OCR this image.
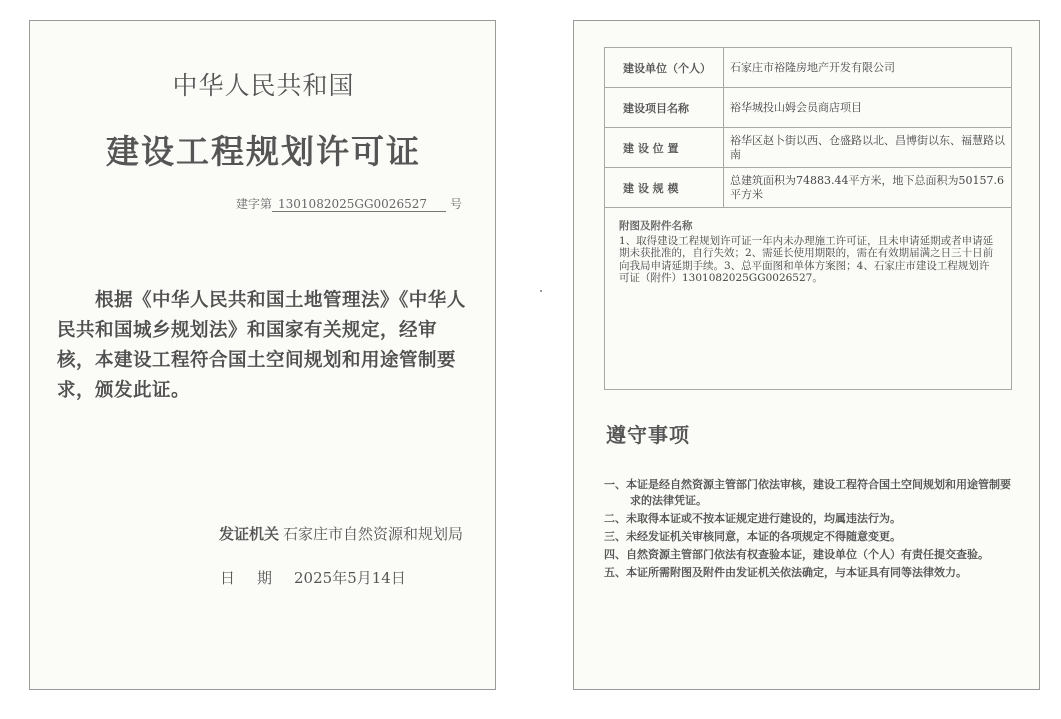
中华人民共和国
建设工程规划许可证
建字第 1301082025GG0026527 号
根据《中华人民共和国土地管理法》《中华人民共和国城乡规划法》和国家有关规定，经审核，本建设工程符合国土空间规划和用途管制要求，颁发此证。
发证机关 石家庄市自然资源和规划局
日期2025年5月14日
建设单位（个人）	石家庄市裕隆房地产开发有限公司
建设项目名称	裕华城投山姆会员商店项目
建 设 位 置	裕华区赵卜街以西、仓盛路以北、昌博街以东、福慧路以南
建 设 规 模	总建筑面积为74883.44平方米，地下总面积为50157.6平方米

附图及附件名称
1、取得建设工程规划许可证一年内未办理施工许可证，且未申请延期或者申请延期未获批准的，自行失效；2、需延长使用期限的，需在有效期届满之日三十日前向我局申请延期手续。3、总平面图和单体方案图；4、石家庄市建设工程规划许可证（附件）1301082025GG0026527。	
遵守事项
一、本证是经自然资源主管部门依法审核，建设工程符合国土空间规划和用途管制要求的法律凭证。
二、未取得本证或不按本证规定进行建设的，均属违法行为。
三、未经发证机关审核同意，本证的各项规定不得随意变更。
四、自然资源主管部门依法有权查验本证，建设单位（个人）有责任提交查验。
五、本证所需附图及附件由发证机关依法确定，与本证具有同等法律效力。
